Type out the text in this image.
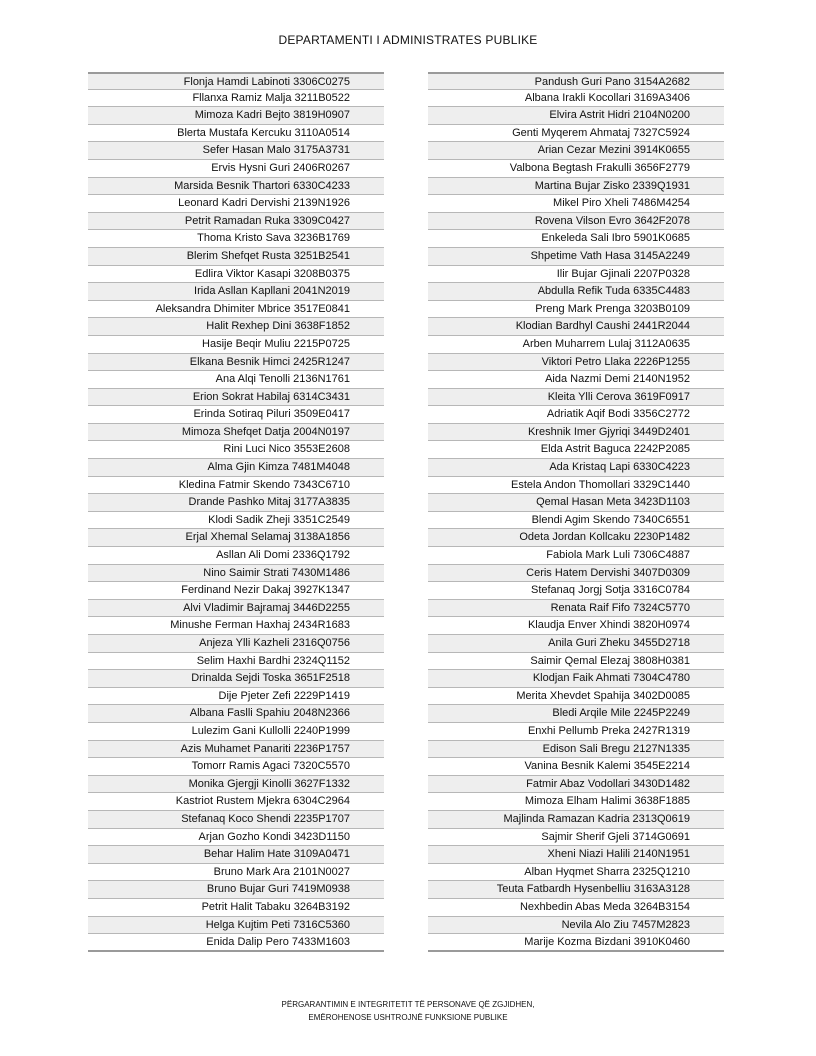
DEPARTAMENTI I ADMINISTRATES PUBLIKE
Flonja Hamdi Labinoti 3306C0275
Fllanxa Ramiz Malja 3211B0522
Mimoza Kadri Bejto 3819H0907
Blerta Mustafa Kercuku 3110A0514
Sefer Hasan Malo 3175A3731
Ervis Hysni Guri 2406R0267
Marsida Besnik Thartori 6330C4233
Leonard Kadri Dervishi 2139N1926
Petrit Ramadan Ruka 3309C0427
Thoma Kristo Sava 3236B1769
Blerim Shefqet Rusta 3251B2541
Edlira Viktor Kasapi 3208B0375
Irida Asllan Kapllani 2041N2019
Aleksandra Dhimiter Mbrice 3517E0841
Halit Rexhep Dini 3638F1852
Hasije Beqir Muliu 2215P0725
Elkana Besnik Himci 2425R1247
Ana Alqi Tenolli 2136N1761
Erion Sokrat Habilaj 6314C3431
Erinda Sotiraq Piluri 3509E0417
Mimoza Shefqet Datja 2004N0197
Rini Luci Nico 3553E2608
Alma Gjin Kimza 7481M4048
Kledina Fatmir Skendo 7343C6710
Drande Pashko Mitaj 3177A3835
Klodi Sadik Zheji 3351C2549
Erjal Xhemal Selamaj 3138A1856
Asllan Ali Domi 2336Q1792
Nino Saimir Strati 7430M1486
Ferdinand Nezir Dakaj 3927K1347
Alvi Vladimir Bajramaj 3446D2255
Minushe Ferman Haxhaj 2434R1683
Anjeza Ylli Kazheli 2316Q0756
Selim Haxhi Bardhi 2324Q1152
Drinalda Sejdi Toska 3651F2518
Dije Pjeter Zefi 2229P1419
Albana Faslli Spahiu 2048N2366
Lulezim Gani Kullolli 2240P1999
Azis Muhamet Panariti 2236P1757
Tomorr Ramis Agaci 7320C5570
Monika Gjergji Kinolli 3627F1332
Kastriot Rustem Mjekra 6304C2964
Stefanaq Koco Shendi 2235P1707
Arjan Gozho Kondi 3423D1150
Behar Halim Hate 3109A0471
Bruno Mark Ara 2101N0027
Bruno Bujar Guri 7419M0938
Petrit Halit Tabaku 3264B3192
Helga Kujtim Peti 7316C5360
Enida Dalip Pero 7433M1603
Pandush Guri Pano 3154A2682
Albana Irakli Kocollari 3169A3406
Elvira Astrit Hidri 2104N0200
Genti Myqerem Ahmataj 7327C5924
Arian Cezar Mezini 3914K0655
Valbona Begtash Frakulli 3656F2779
Martina Bujar Zisko 2339Q1931
Mikel Piro Xheli 7486M4254
Rovena Vilson Evro 3642F2078
Enkeleda Sali Ibro 5901K0685
Shpetime Vath Hasa 3145A2249
Ilir Bujar Gjinali 2207P0328
Abdulla Refik Tuda 6335C4483
Preng Mark Prenga 3203B0109
Klodian Bardhyl Caushi 2441R2044
Arben Muharrem Lulaj 3112A0635
Viktori Petro Llaka 2226P1255
Aida Nazmi Demi 2140N1952
Kleita Ylli Cerova 3619F0917
Adriatik Aqif Bodi 3356C2772
Kreshnik Imer Gjyriqi 3449D2401
Elda Astrit Baguca 2242P2085
Ada Kristaq Lapi 6330C4223
Estela Andon Thomollari 3329C1440
Qemal Hasan Meta 3423D1103
Blendi Agim Skendo 7340C6551
Odeta Jordan Kollcaku 2230P1482
Fabiola Mark Luli 7306C4887
Ceris Hatem Dervishi 3407D0309
Stefanaq Jorgj Sotja 3316C0784
Renata Raif Fifo 7324C5770
Klaudja Enver Xhindi 3820H0974
Anila Guri Zheku 3455D2718
Saimir Qemal Elezaj 3808H0381
Klodjan Faik Ahmati 7304C4780
Merita Xhevdet Spahija 3402D0085
Bledi Arqile Mile 2245P2249
Enxhi Pellumb Preka 2427R1319
Edison Sali Bregu 2127N1335
Vanina Besnik Kalemi 3545E2214
Fatmir Abaz Vodollari 3430D1482
Mimoza Elham Halimi 3638F1885
Majlinda Ramazan Kadria 2313Q0619
Sajmir Sherif Gjeli 3714G0691
Xheni Niazi Halili 2140N1951
Alban Hyqmet Sharra 2325Q1210
Teuta Fatbardh Hysenbelliu 3163A3128
Nexhbedin Abas Meda 3264B3154
Nevila Alo Ziu 7457M2823
Marije Kozma Bizdani 3910K0460
PËRGARANTIMIN E INTEGRITETIT TË PERSONAVE QË ZGJIDHEN,
EMËROHENOSE USHTROJNË FUNKSIONE PUBLIKE
